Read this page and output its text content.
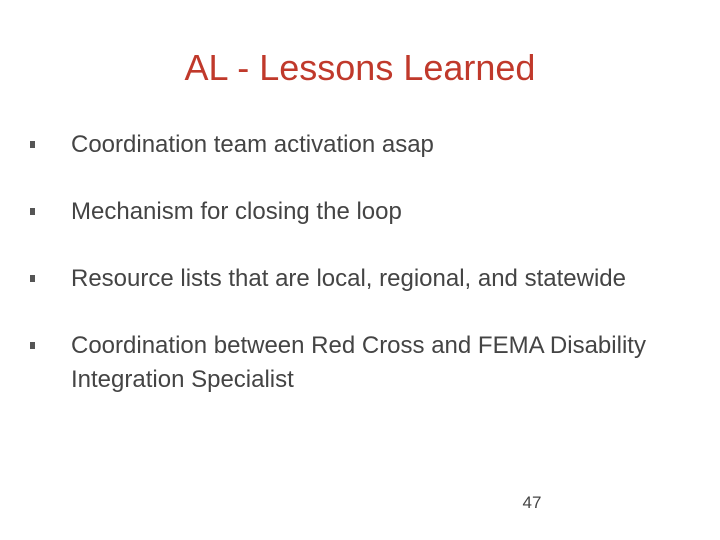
AL - Lessons Learned
Coordination team activation asap
Mechanism for closing the loop
Resource lists that are local, regional, and statewide
Coordination between Red Cross and FEMA Disability Integration Specialist
47
